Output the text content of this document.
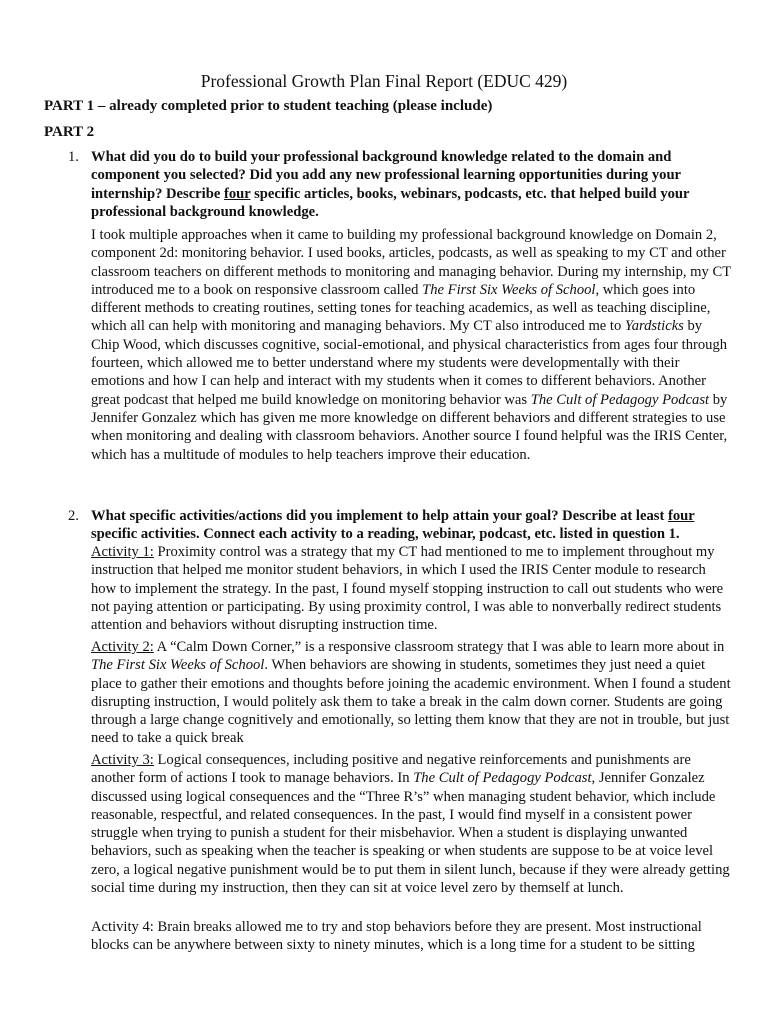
Professional Growth Plan Final Report (EDUC 429)
PART 1 – already completed prior to student teaching (please include)
PART 2
1. What did you do to build your professional background knowledge related to the domain and component you selected? Did you add any new professional learning opportunities during your internship? Describe four specific articles, books, webinars, podcasts, etc. that helped build your professional background knowledge.
I took multiple approaches when it came to building my professional background knowledge on Domain 2, component 2d: monitoring behavior. I used books, articles, podcasts, as well as speaking to my CT and other classroom teachers on different methods to monitoring and managing behavior. During my internship, my CT introduced me to a book on responsive classroom called The First Six Weeks of School, which goes into different methods to creating routines, setting tones for teaching academics, as well as teaching discipline, which all can help with monitoring and managing behaviors. My CT also introduced me to Yardsticks by Chip Wood, which discusses cognitive, social-emotional, and physical characteristics from ages four through fourteen, which allowed me to better understand where my students were developmentally with their emotions and how I can help and interact with my students when it comes to different behaviors. Another great podcast that helped me build knowledge on monitoring behavior was The Cult of Pedagogy Podcast by Jennifer Gonzalez which has given me more knowledge on different behaviors and different strategies to use when monitoring and dealing with classroom behaviors. Another source I found helpful was the IRIS Center, which has a multitude of modules to help teachers improve their education.
2. What specific activities/actions did you implement to help attain your goal? Describe at least four specific activities. Connect each activity to a reading, webinar, podcast, etc. listed in question 1.
Activity 1: Proximity control was a strategy that my CT had mentioned to me to implement throughout my instruction that helped me monitor student behaviors, in which I used the IRIS Center module to research how to implement the strategy. In the past, I found myself stopping instruction to call out students who were not paying attention or participating. By using proximity control, I was able to nonverbally redirect students attention and behaviors without disrupting instruction time.
Activity 2: A “Calm Down Corner,” is a responsive classroom strategy that I was able to learn more about in The First Six Weeks of School. When behaviors are showing in students, sometimes they just need a quiet place to gather their emotions and thoughts before joining the academic environment. When I found a student disrupting instruction, I would politely ask them to take a break in the calm down corner. Students are going through a large change cognitively and emotionally, so letting them know that they are not in trouble, but just need to take a quick break
Activity 3: Logical consequences, including positive and negative reinforcements and punishments are another form of actions I took to manage behaviors. In The Cult of Pedagogy Podcast, Jennifer Gonzalez discussed using logical consequences and the “Three R’s” when managing student behavior, which include reasonable, respectful, and related consequences. In the past, I would find myself in a consistent power struggle when trying to punish a student for their misbehavior. When a student is displaying unwanted behaviors, such as speaking when the teacher is speaking or when students are suppose to be at voice level zero, a logical negative punishment would be to put them in silent lunch, because if they were already getting social time during my instruction, then they can sit at voice level zero by themself at lunch.
Activity 4: Brain breaks allowed me to try and stop behaviors before they are present. Most instructional blocks can be anywhere between sixty to ninety minutes, which is a long time for a student to be sitting
